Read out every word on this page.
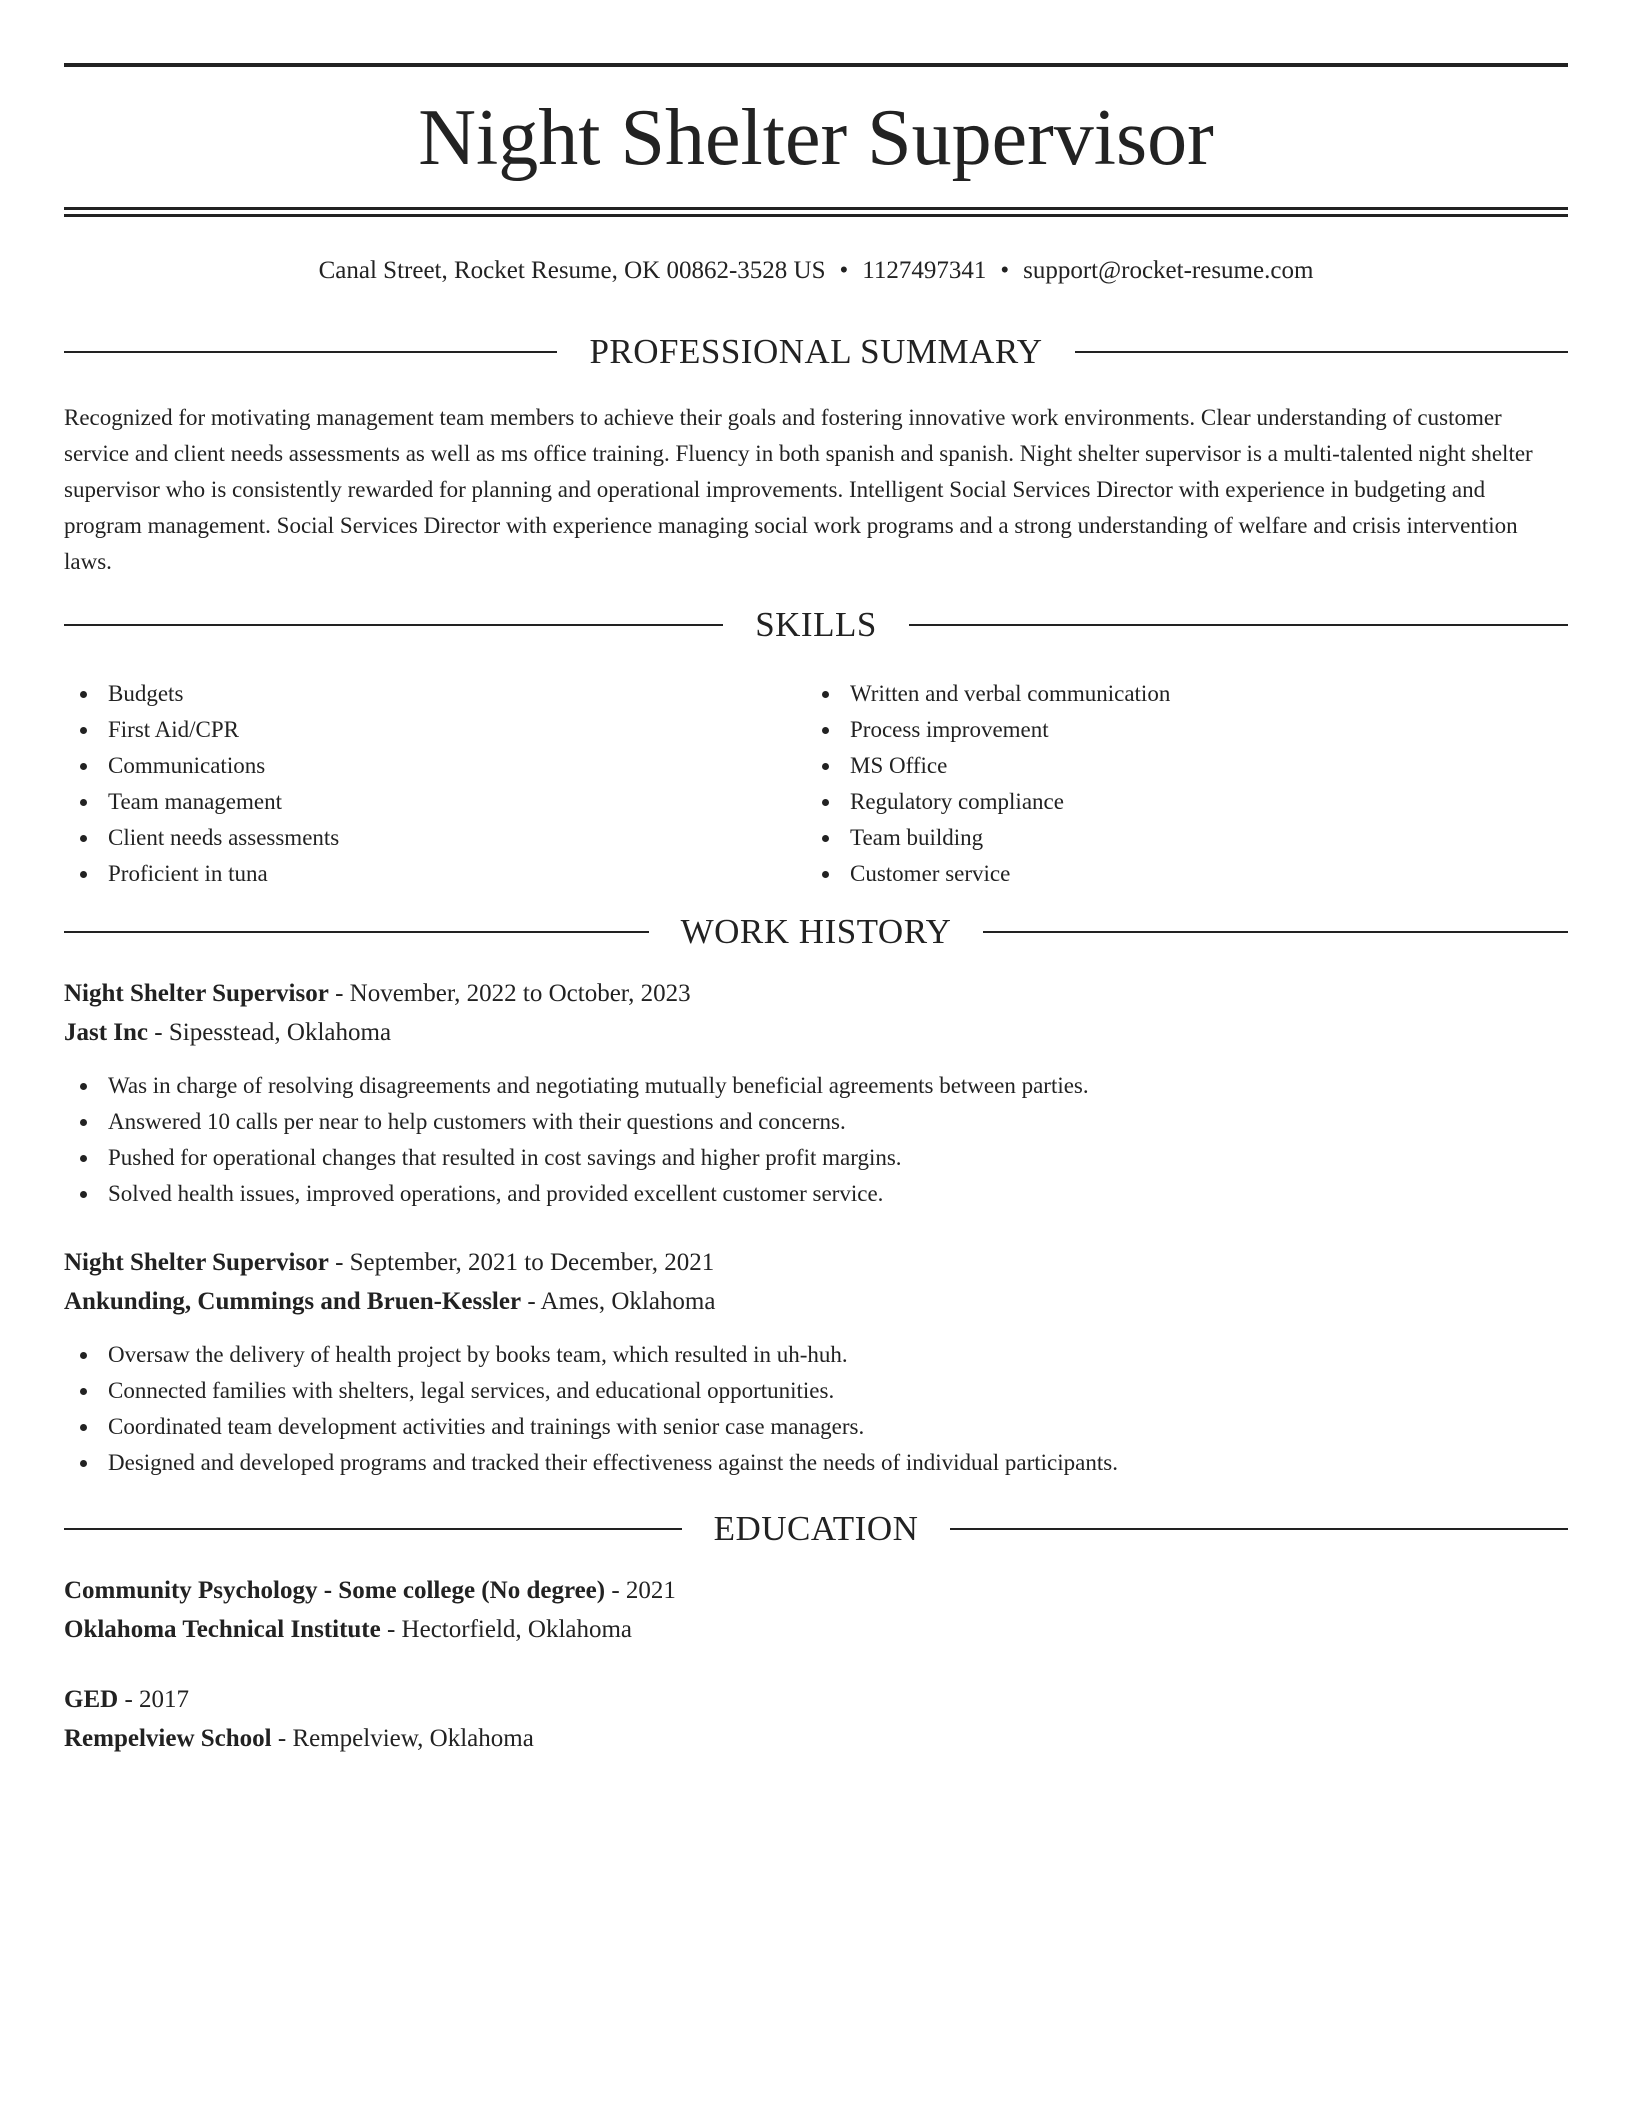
Night Shelter Supervisor
Canal Street, Rocket Resume, OK 00862-3528 US • 1127497341 • support@rocket-resume.com
PROFESSIONAL SUMMARY

Recognized for motivating management team members to achieve their goals and fostering innovative work environments. Clear understanding of customer service and client needs assessments as well as ms office training. Fluency in both spanish and spanish. Night shelter supervisor is a multi-talented night shelter supervisor who is consistently rewarded for planning and operational improvements. Intelligent Social Services Director with experience in budgeting and program management. Social Services Director with experience managing social work programs and a strong understanding of welfare and crisis intervention laws.

SKILLS
Budgets
First Aid/CPR
Communications
Team management
Client needs assessments
Proficient in tuna
Written and verbal communication
Process improvement
MS Office
Regulatory compliance
Team building
Customer service
WORK HISTORY
Night Shelter Supervisor - November, 2022 to October, 2023
Jast Inc - Sipesstead, Oklahoma
Was in charge of resolving disagreements and negotiating mutually beneficial agreements between parties.
Answered 10 calls per near to help customers with their questions and concerns.
Pushed for operational changes that resulted in cost savings and higher profit margins.
Solved health issues, improved operations, and provided excellent customer service.
Night Shelter Supervisor - September, 2021 to December, 2021
Ankunding, Cummings and Bruen-Kessler - Ames, Oklahoma
Oversaw the delivery of health project by books team, which resulted in uh-huh.
Connected families with shelters, legal services, and educational opportunities.
Coordinated team development activities and trainings with senior case managers.
Designed and developed programs and tracked their effectiveness against the needs of individual participants.
EDUCATION
Community Psychology - Some college (No degree) - 2021
Oklahoma Technical Institute - Hectorfield, Oklahoma
GED - 2017
Rempelview School - Rempelview, Oklahoma
